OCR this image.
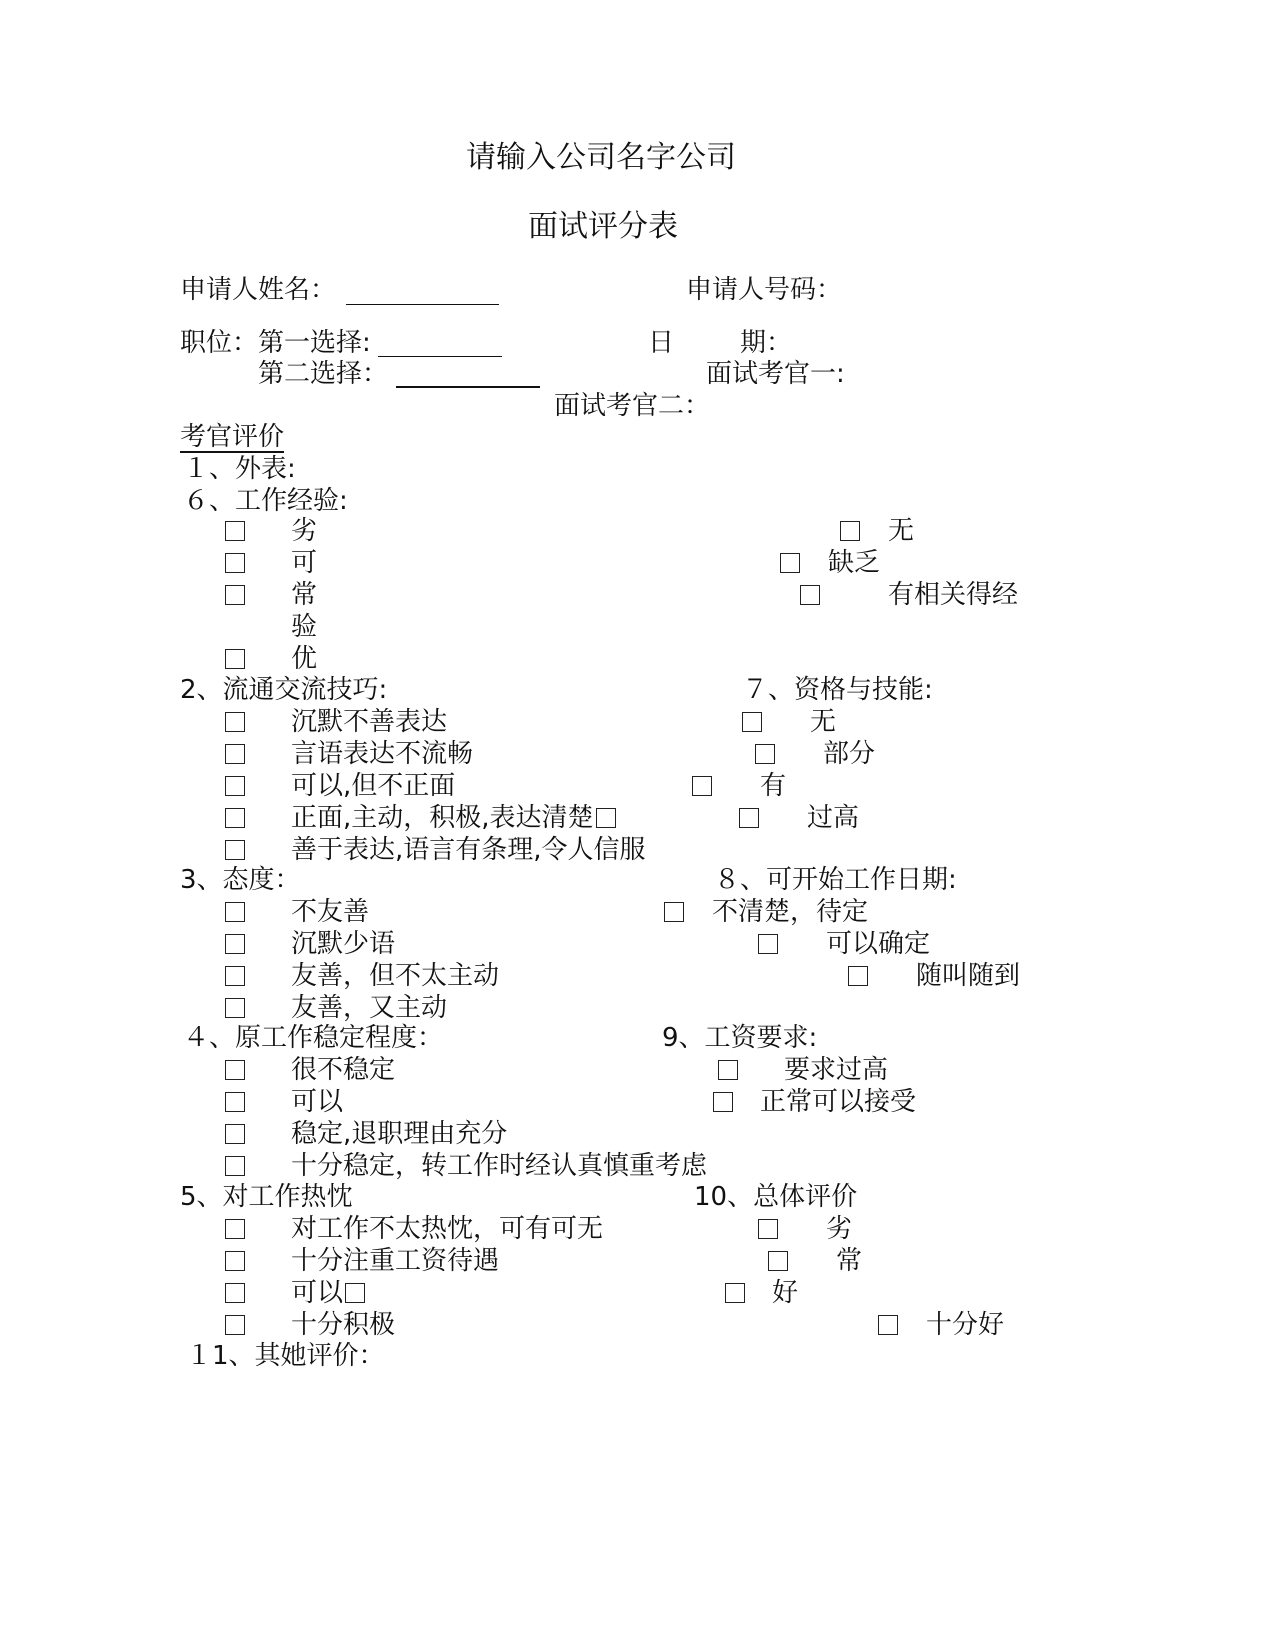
请输入公司名字公司
面试评分表
申请人姓名：	申请人号码：
职位：第一选择:	日	期：
第二选择：	面试考官一:
面试考官二：
考官评价
１、外表:
６、工作经验:
劣	无
可	缺乏
常	有相关得经
验
优
2、流通交流技巧:	７、资格与技能:
沉默不善表达	无
言语表达不流畅	部分
可以,但不正面	有
正面,主动，积极,表达清楚	过高
善于表达,语言有条理,令人信服
3、态度：	８、可开始工作日期:
不友善	不清楚，待定
沉默少语	可以确定
友善，但不太主动	随叫随到
友善，又主动
４、原工作稳定程度：	9、工资要求:
很不稳定	要求过高
可以	正常可以接受
稳定,退职理由充分
十分稳定，转工作时经认真慎重考虑
5、对工作热忱	10、总体评价
对工作不太热忱，可有可无	劣
十分注重工资待遇	常
可以	好
十分积极	十分好
１1、其她评价：
